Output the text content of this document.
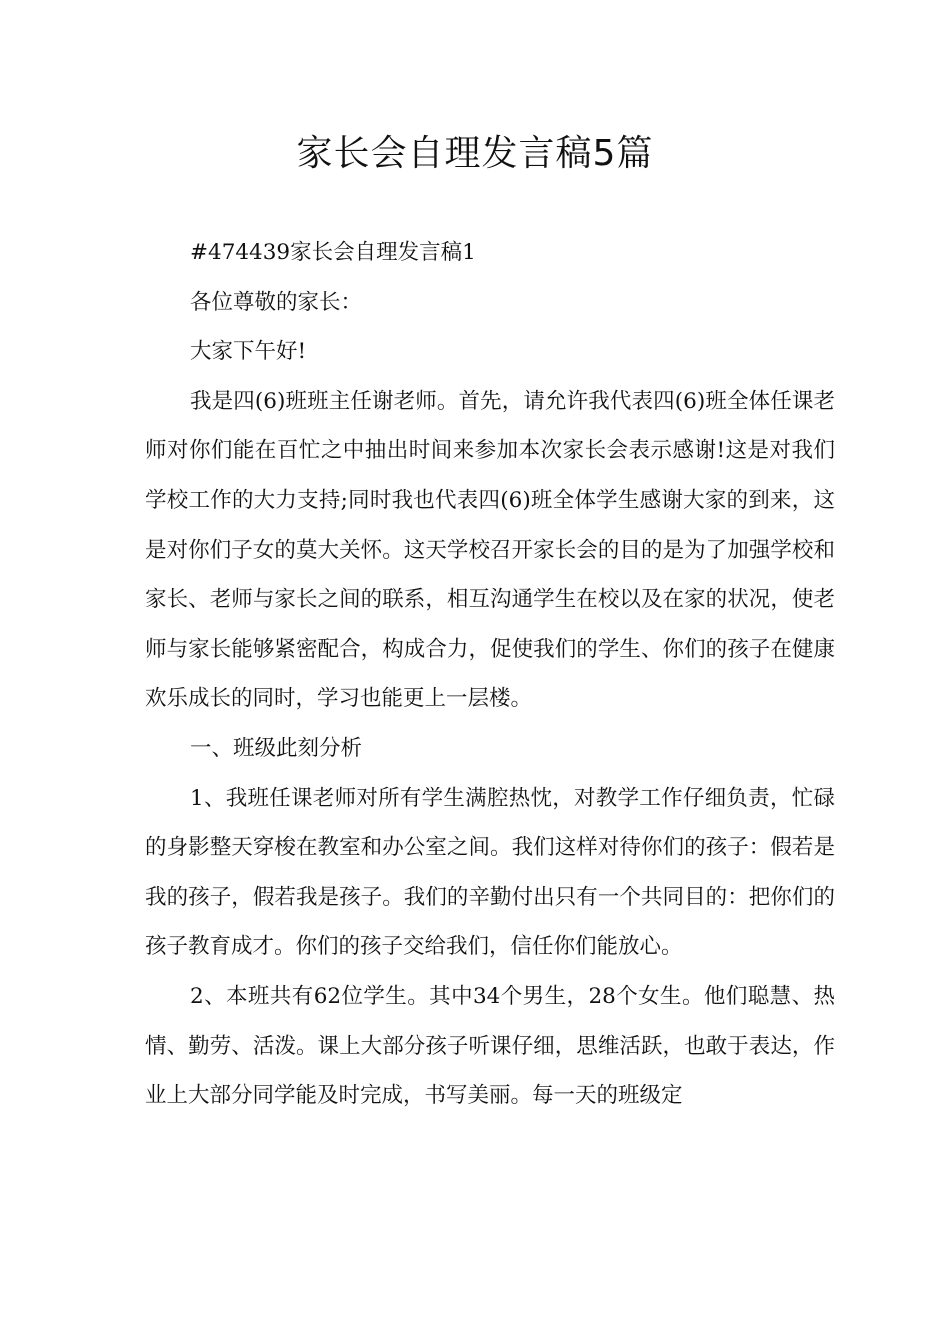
家长会自理发言稿5篇

#474439家长会自理发言稿1

各位尊敬的家长：

大家下午好!

我是四(6)班班主任谢老师。首先，请允许我代表四(6)班全体任课老师对你们能在百忙之中抽出时间来参加本次家长会表示感谢!这是对我们学校工作的大力支持;同时我也代表四(6)班全体学生感谢大家的到来，这是对你们子女的莫大关怀。这天学校召开家长会的目的是为了加强学校和家长、老师与家长之间的联系，相互沟通学生在校以及在家的状况，使老师与家长能够紧密配合，构成合力，促使我们的学生、你们的孩子在健康欢乐成长的同时，学习也能更上一层楼。

一、班级此刻分析

1、我班任课老师对所有学生满腔热忱，对教学工作仔细负责，忙碌的身影整天穿梭在教室和办公室之间。我们这样对待你们的孩子：假若是我的孩子，假若我是孩子。我们的辛勤付出只有一个共同目的：把你们的孩子教育成才。你们的孩子交给我们，信任你们能放心。

2、本班共有62位学生。其中34个男生，28个女生。他们聪慧、热情、勤劳、活泼。课上大部分孩子听课仔细，思维活跃，也敢于表达，作业上大部分同学能及时完成，书写美丽。每一天的班级定
